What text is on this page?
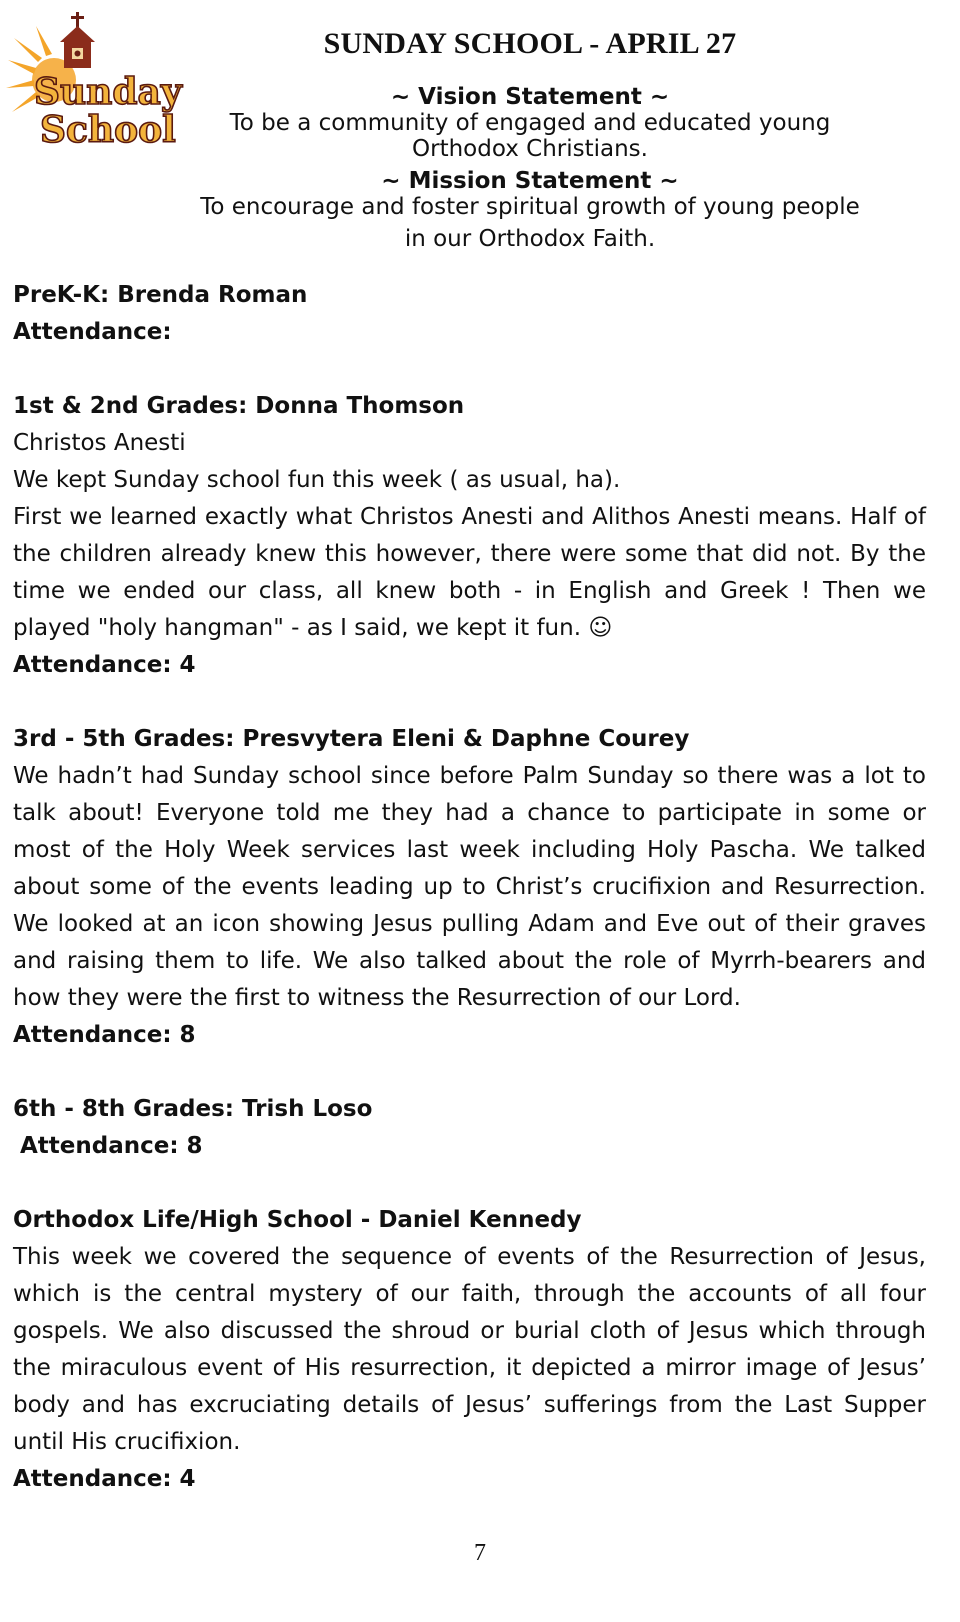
Sunday
School
SUNDAY SCHOOL - APRIL 27
~ Vision Statement ~
To be a community of engaged and educated young
Orthodox Christians.
~ Mission Statement ~
To encourage and foster spiritual growth of young people
in our Orthodox Faith.

PreK-K: Brenda Roman

Attendance:

1st & 2nd Grades: Donna Thomson

Christos Anesti

We kept Sunday school fun this week ( as usual, ha).

First we learned exactly what Christos Anesti and Alithos Anesti means. Half of the children already knew this however, there were some that did not. By the time we ended our class, all knew both - in English and Greek ! Then we played "holy hangman" - as I said, we kept it fun. ☺

Attendance: 4

3rd - 5th Grades: Presvytera Eleni & Daphne Courey

We hadn’t had Sunday school since before Palm Sunday so there was a lot to talk about! Everyone told me they had a chance to participate in some or most of the Holy Week services last week including Holy Pascha. We talked about some of the events leading up to Christ’s crucifixion and Resurrection. We looked at an icon showing Jesus pulling Adam and Eve out of their graves and raising them to life. We also talked about the role of Myrrh-bearers and how they were the first to witness the Resurrection of our Lord.

Attendance: 8

6th - 8th Grades: Trish Loso

Attendance: 8

Orthodox Life/High School - Daniel Kennedy

This week we covered the sequence of events of the Resurrection of Jesus, which is the central mystery of our faith, through the accounts of all four gospels. We also discussed the shroud or burial cloth of Jesus which through the miraculous event of His resurrection, it depicted a mirror image of Jesus’ body and has excruciating details of Jesus’ sufferings from the Last Supper until His crucifixion.

Attendance: 4

7
